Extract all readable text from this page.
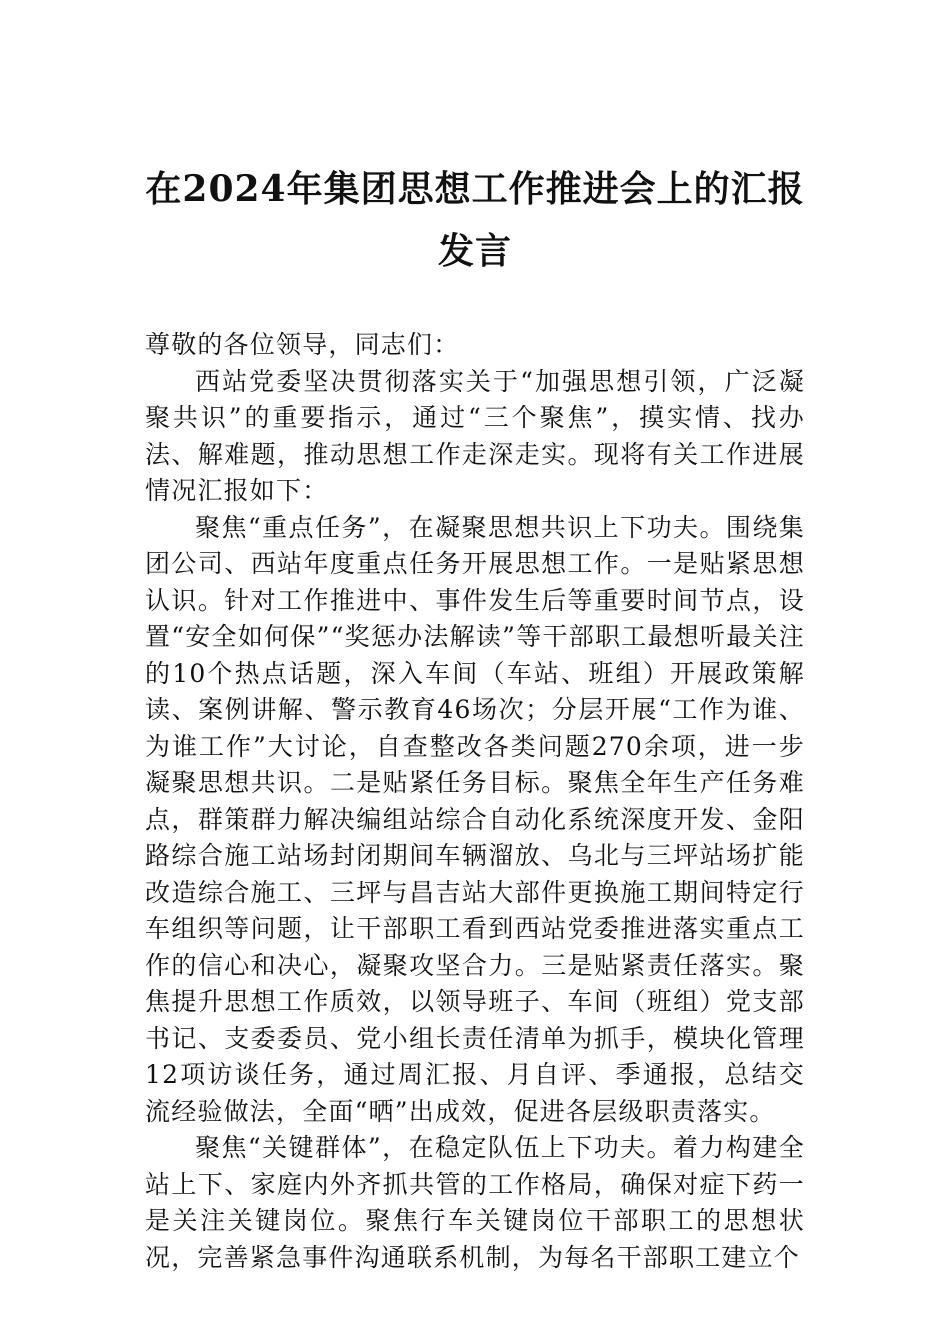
在2024年集团思想工作推进会上的汇报发言

尊敬的各位领导，同志们：

西站党委坚决贯彻落实关于“加强思想引领，广泛凝聚共识”的重要指示，通过“三个聚焦”，摸实情、找办法、解难题，推动思想工作走深走实。现将有关工作进展情况汇报如下：

聚焦“重点任务”，在凝聚思想共识上下功夫。围绕集团公司、西站年度重点任务开展思想工作。一是贴紧思想认识。针对工作推进中、事件发生后等重要时间节点，设置“安全如何保”“奖惩办法解读”等干部职工最想听最关注的10个热点话题，深入车间（车站、班组）开展政策解读、案例讲解、警示教育46场次；分层开展“工作为谁、为谁工作”大讨论，自查整改各类问题270余项，进一步凝聚思想共识。二是贴紧任务目标。聚焦全年生产任务难点，群策群力解决编组站综合自动化系统深度开发、金阳路综合施工站场封闭期间车辆溜放、乌北与三坪站场扩能改造综合施工、三坪与昌吉站大部件更换施工期间特定行车组织等问题，让干部职工看到西站党委推进落实重点工作的信心和决心，凝聚攻坚合力。三是贴紧责任落实。聚焦提升思想工作质效，以领导班子、车间（班组）党支部书记、支委委员、党小组长责任清单为抓手，模块化管理12项访谈任务，通过周汇报、月自评、季通报，总结交流经验做法，全面“晒”出成效，促进各层级职责落实。

聚焦“关键群体”，在稳定队伍上下功夫。着力构建全站上下、家庭内外齐抓共管的工作格局，确保对症下药一是关注关键岗位。聚焦行车关键岗位干部职工的思想状况，完善紧急事件沟通联系机制，为每名干部职工建立个
